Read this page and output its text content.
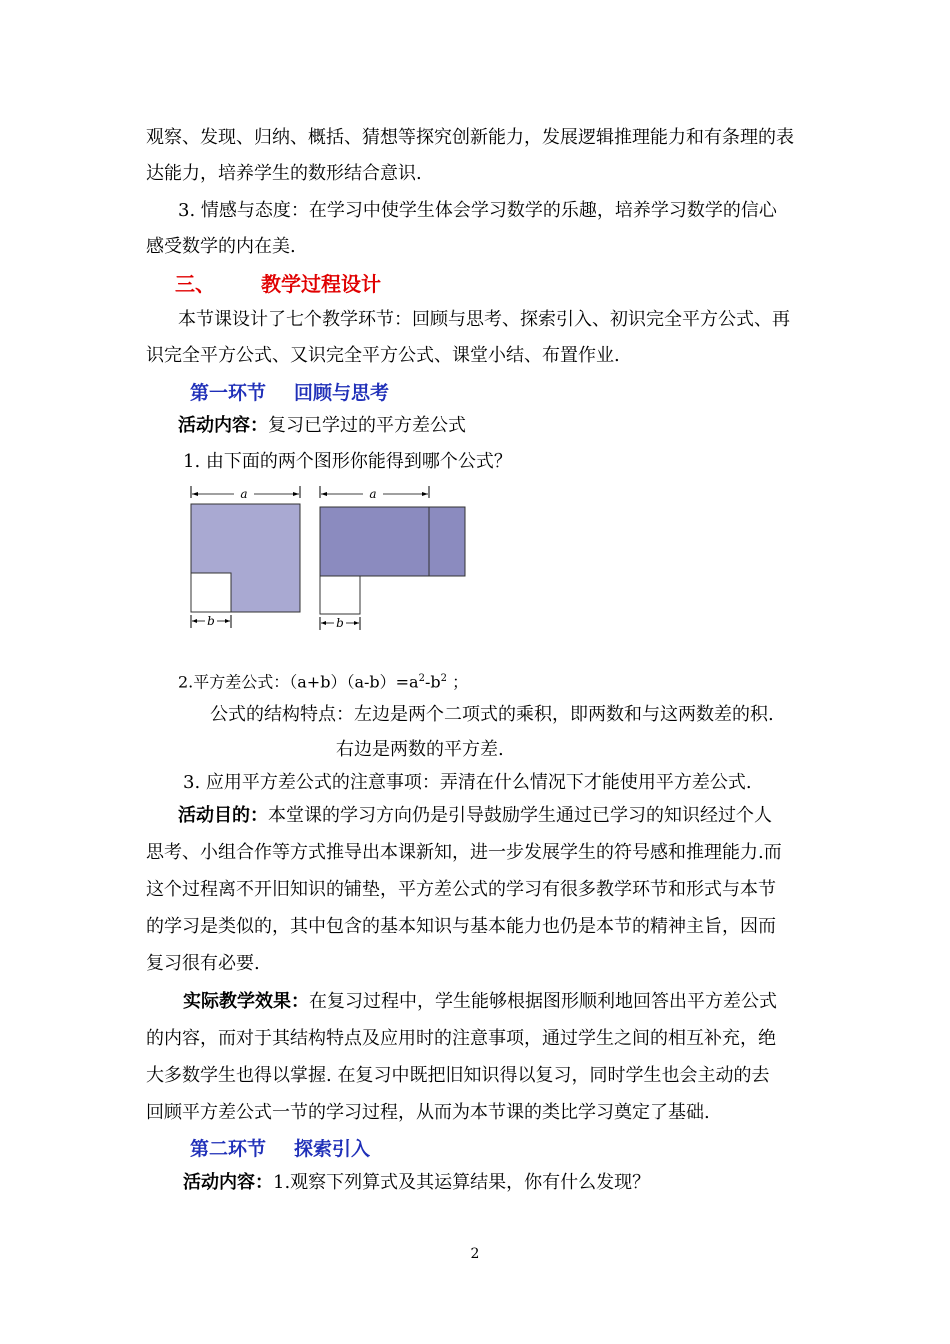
观察、发现、归纳、概括、猜想等探究创新能力，发展逻辑推理能力和有条理的表
达能力，培养学生的数形结合意识.
3. 情感与态度：在学习中使学生体会学习数学的乐趣，培养学习数学的信心
感受数学的内在美.
三、 教学过程设计
本节课设计了七个教学环节：回顾与思考、探索引入、初识完全平方公式、再
识完全平方公式、又识完全平方公式、课堂小结、布置作业.
第一环节 回顾与思考
活动内容：复习已学过的平方差公式
1. 由下面的两个图形你能得到哪个公式？
a
b
a
b
2.平方差公式：$(a+b)(a-b)=a^2-b^2$ ；
公式的结构特点：左边是两个二项式的乘积，即两数和与这两数差的积.
右边是两数的平方差.
3. 应用平方差公式的注意事项：弄清在什么情况下才能使用平方差公式.
活动目的：本堂课的学习方向仍是引导鼓励学生通过已学习的知识经过个人
思考、小组合作等方式推导出本课新知，进一步发展学生的符号感和推理能力.而
这个过程离不开旧知识的铺垫，平方差公式的学习有很多教学环节和形式与本节
的学习是类似的，其中包含的基本知识与基本能力也仍是本节的精神主旨，因而
复习很有必要.
实际教学效果：在复习过程中，学生能够根据图形顺利地回答出平方差公式
的内容，而对于其结构特点及应用时的注意事项，通过学生之间的相互补充，绝
大多数学生也得以掌握. 在复习中既把旧知识得以复习，同时学生也会主动的去
回顾平方差公式一节的学习过程，从而为本节课的类比学习奠定了基础.
第二环节 探索引入
活动内容：1.观察下列算式及其运算结果，你有什么发现？
2
